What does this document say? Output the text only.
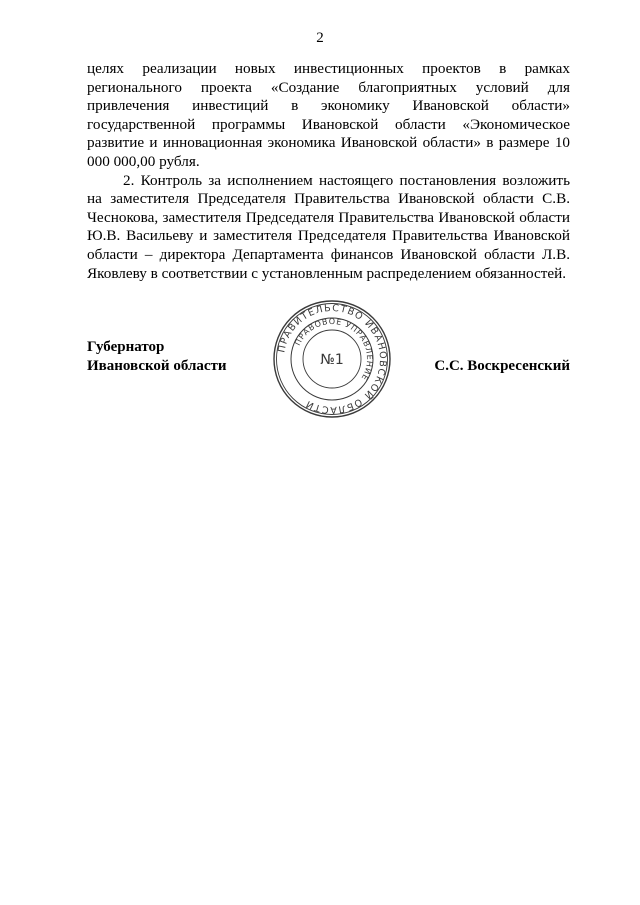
2

целях реализации новых инвестиционных проектов в рамках регионального проекта «Создание благоприятных условий для привлечения инвестиций в экономику Ивановской области» государственной программы Ивановской области «Экономическое развитие и инновационная экономика Ивановской области» в размере 10 000 000,00 рубля.

2. Контроль за исполнением настоящего постановления возложить на заместителя Председателя Правительства Ивановской области С.В. Чеснокова, заместителя Председателя Правительства Ивановской области Ю.В. Васильеву и заместителя Председателя Правительства Ивановской области – директора Департамента финансов Ивановской области Л.В. Яковлеву в соответствии с установленным распределением обязанностей.

Губернатор
Ивановской области
ПРАВИТЕЛЬСТВО ИВАНОВСКОЙ ОБЛАСТИ
ПРАВОВОЕ УПРАВЛЕНИЕ
№1	С.С. Воскресенский
